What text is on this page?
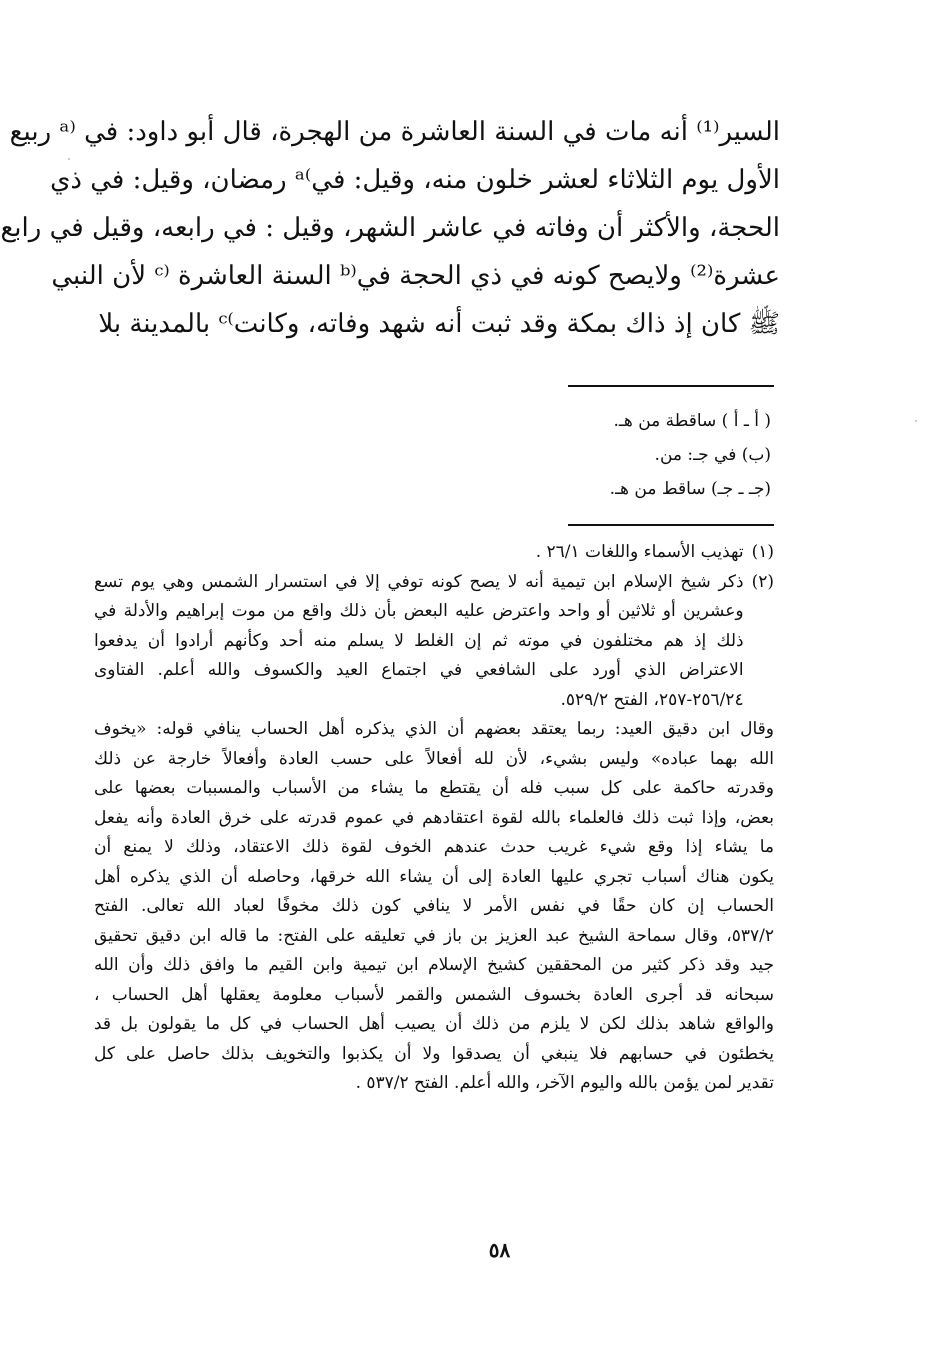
السير⁽¹⁾ أنه مات في السنة العاشرة من الهجرة، قال أبو داود: في ⁽ᵃ ربيع
الأول يوم الثلاثاء لعشر خلون منه، وقيل: في⁾ᵃ رمضان، وقيل: في ذي
الحجة، والأكثر أن وفاته في عاشر الشهر، وقيل : في رابعه، وقيل في رابع
عشرة⁽²⁾ ولايصح كونه في ذي الحجة في⁽ᵇ السنة العاشرة ⁽ᶜ لأن النبي
ﷺ كان إذ ذاك بمكة وقد ثبت أنه شهد وفاته، وكانت⁾ᶜ بالمدينة بلا
( أ ـ أ ) ساقطة من هـ.
(ب) في جـ: من.
(جـ ـ جـ) ساقط من هـ.
(١)
تهذيب الأسماء واللغات ٢٦/١ .
(٢)
ذكر شيخ الإسلام ابن تيمية أنه لا يصح كونه توفي إلا في استسرار الشمس وهي يوم تسع
وعشرين أو ثلاثين أو واحد واعترض عليه البعض بأن ذلك واقع من موت إبراهيم والأدلة في
ذلك إذ هم مختلفون في موته ثم إن الغلط لا يسلم منه أحد وكأنهم أرادوا أن يدفعوا
الاعتراض الذي أورد على الشافعي في اجتماع العيد والكسوف والله أعلم. الفتاوى
٢٥٦/٢٤-٢٥٧، الفتح ٥٢٩/٢.
وقال ابن دقيق العيد: ربما يعتقد بعضهم أن الذي يذكره أهل الحساب ينافي قوله: «يخوف
الله بهما عباده» وليس بشيء، لأن لله أفعالاً على حسب العادة وأفعالاً خارجة عن ذلك
وقدرته حاكمة على كل سبب فله أن يقتطع ما يشاء من الأسباب والمسببات بعضها على
بعض، وإذا ثبت ذلك فالعلماء بالله لقوة اعتقادهم في عموم قدرته على خرق العادة وأنه يفعل
ما يشاء إذا وقع شيء غريب حدث عندهم الخوف لقوة ذلك الاعتقاد، وذلك لا يمنع أن
يكون هناك أسباب تجري عليها العادة إلى أن يشاء الله خرقها، وحاصله أن الذي يذكره أهل
الحساب إن كان حقًا في نفس الأمر لا ينافي كون ذلك مخوفًا لعباد الله تعالى. الفتح
٥٣٧/٢، وقال سماحة الشيخ عبد العزيز بن باز في تعليقه على الفتح: ما قاله ابن دقيق تحقيق
جيد وقد ذكر كثير من المحققين كشيخ الإسلام ابن تيمية وابن القيم ما وافق ذلك وأن الله
سبحانه قد أجرى العادة بخسوف الشمس والقمر لأسباب معلومة يعقلها أهل الحساب ،
والواقع شاهد بذلك لكن لا يلزم من ذلك أن يصيب أهل الحساب في كل ما يقولون بل قد
يخطئون في حسابهم فلا ينبغي أن يصدقوا ولا أن يكذبوا والتخويف بذلك حاصل على كل
تقدير لمن يؤمن بالله واليوم الآخر، والله أعلم. الفتح ٥٣٧/٢ .
٥٨
